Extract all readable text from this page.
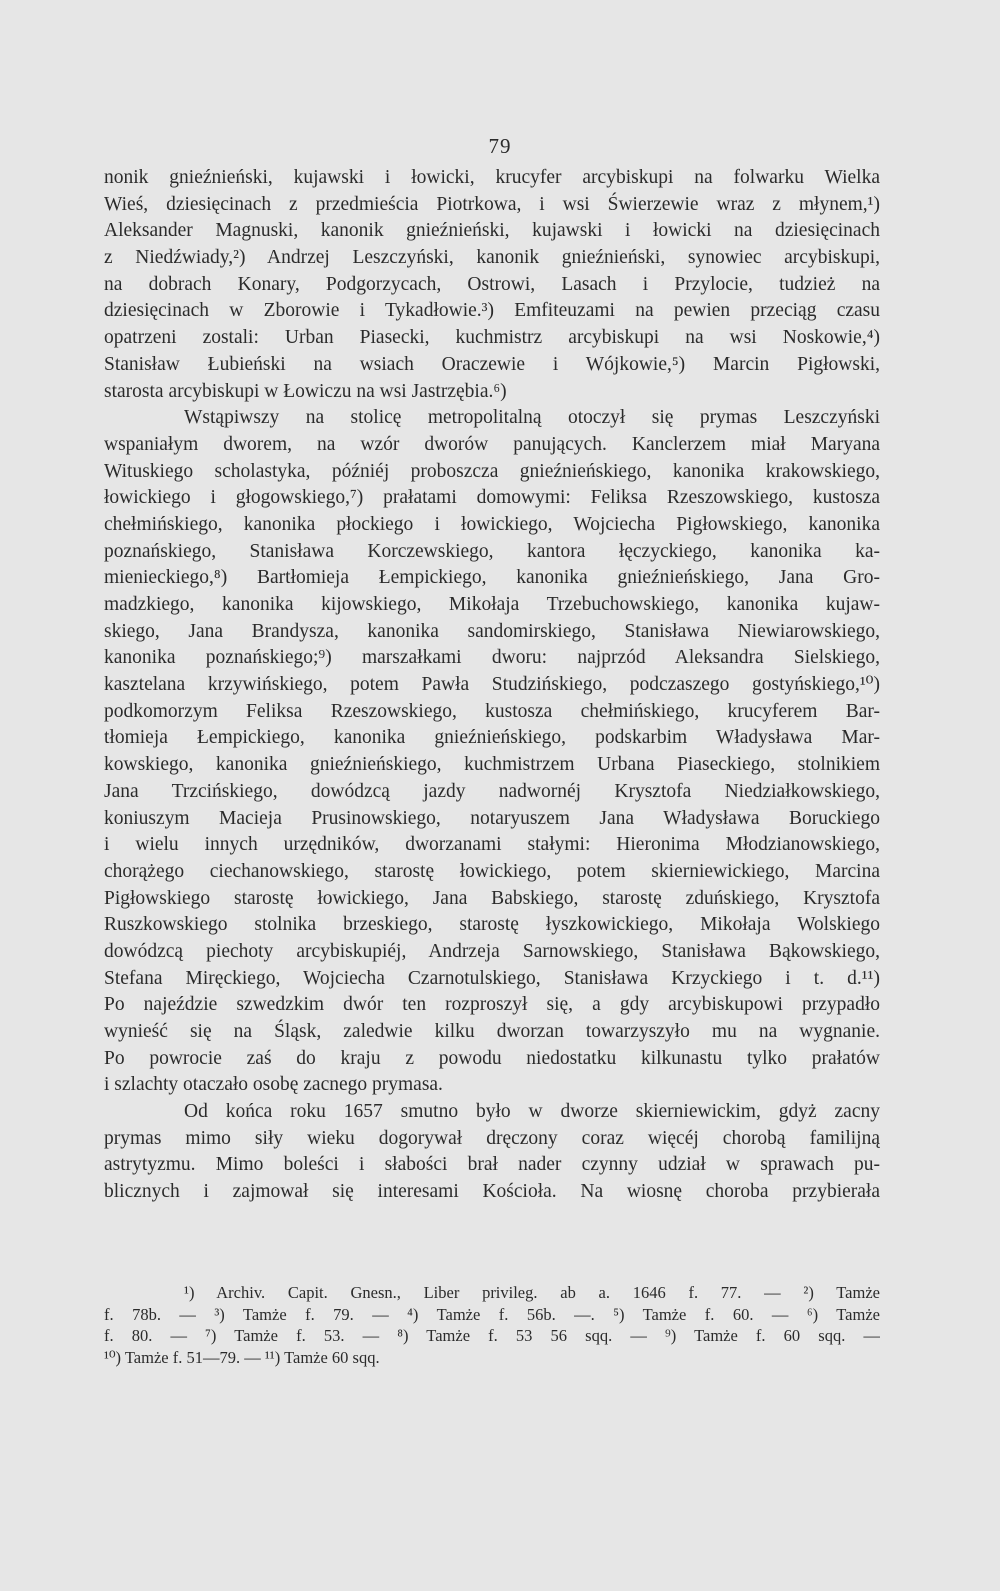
79
nonik gnieźnieński, kujawski i łowicki, krucyfer arcybiskupi na folwarku Wielka
Wieś, dziesięcinach z przedmieścia Piotrkowa, i wsi Świerzewie wraz z młynem,¹)
Aleksander Magnuski, kanonik gnieźnieński, kujawski i łowicki na dziesięcinach
z Niedźwiady,²) Andrzej Leszczyński, kanonik gnieźnieński, synowiec arcybiskupi,
na dobrach Konary, Podgorzycach, Ostrowi, Lasach i Przylocie, tudzież na
dziesięcinach w Zborowie i Tykadłowie.³) Emfiteuzami na pewien przeciąg czasu
opatrzeni zostali: Urban Piasecki, kuchmistrz arcybiskupi na wsi Noskowie,⁴)
Stanisław Łubieński na wsiach Oraczewie i Wójkowie,⁵) Marcin Pigłowski,
starosta arcybiskupi w Łowiczu na wsi Jastrzębia.⁶)
Wstąpiwszy na stolicę metropolitalną otoczył się prymas Leszczyński
wspaniałym dworem, na wzór dworów panujących. Kanclerzem miał Maryana
Wituskiego scholastyka, późniéj proboszcza gnieźnieńskiego, kanonika krakowskiego,
łowickiego i głogowskiego,⁷) prałatami domowymi: Feliksa Rzeszowskiego, kustosza
chełmińskiego, kanonika płockiego i łowickiego, Wojciecha Pigłowskiego, kanonika
poznańskiego, Stanisława Korczewskiego, kantora łęczyckiego, kanonika ka-
mienieckiego,⁸) Bartłomieja Łempickiego, kanonika gnieźnieńskiego, Jana Gro-
madzkiego, kanonika kijowskiego, Mikołaja Trzebuchowskiego, kanonika kujaw-
skiego, Jana Brandysza, kanonika sandomirskiego, Stanisława Niewiarowskiego,
kanonika poznańskiego;⁹) marszałkami dworu: najprzód Aleksandra Sielskiego,
kasztelana krzywińskiego, potem Pawła Studzińskiego, podczaszego gostyńskiego,¹⁰)
podkomorzym Feliksa Rzeszowskiego, kustosza chełmińskiego, krucyferem Bar-
tłomieja Łempickiego, kanonika gnieźnieńskiego, podskarbim Władysława Mar-
kowskiego, kanonika gnieźnieńskiego, kuchmistrzem Urbana Piaseckiego, stolnikiem
Jana Trzcińskiego, dowódzcą jazdy nadwornéj Krysztofa Niedziałkowskiego,
koniuszym Macieja Prusinowskiego, notaryuszem Jana Władysława Boruckiego
i wielu innych urzędników, dworzanami stałymi: Hieronima Młodzianowskiego,
chorążego ciechanowskiego, starostę łowickiego, potem skierniewickiego, Marcina
Pigłowskiego starostę łowickiego, Jana Babskiego, starostę zduńskiego, Krysztofa
Ruszkowskiego stolnika brzeskiego, starostę łyszkowickiego, Mikołaja Wolskiego
dowódzcą piechoty arcybiskupiéj, Andrzeja Sarnowskiego, Stanisława Bąkowskiego,
Stefana Miręckiego, Wojciecha Czarnotulskiego, Stanisława Krzyckiego i t. d.¹¹)
Po najeździe szwedzkim dwór ten rozproszył się, a gdy arcybiskupowi przypadło
wynieść się na Śląsk, zaledwie kilku dworzan towarzyszyło mu na wygnanie.
Po powrocie zaś do kraju z powodu niedostatku kilkunastu tylko prałatów
i szlachty otaczało osobę zacnego prymasa.
Od końca roku 1657 smutno było w dworze skierniewickim, gdyż zacny
prymas mimo siły wieku dogorywał dręczony coraz więcéj chorobą familijną
astrytyzmu. Mimo boleści i słabości brał nader czynny udział w sprawach pu-
blicznych i zajmował się interesami Kościoła. Na wiosnę choroba przybierała
¹) Archiv. Capit. Gnesn., Liber privileg. ab a. 1646 f. 77. — ²) Tamże
f. 78b. — ³) Tamże f. 79. — ⁴) Tamże f. 56b. —. ⁵) Tamże f. 60. — ⁶) Tamże
f. 80. — ⁷) Tamże f. 53. — ⁸) Tamże f. 53 56 sqq. — ⁹) Tamże f. 60 sqq. —
¹⁰) Tamże f. 51—79. — ¹¹) Tamże 60 sqq.
